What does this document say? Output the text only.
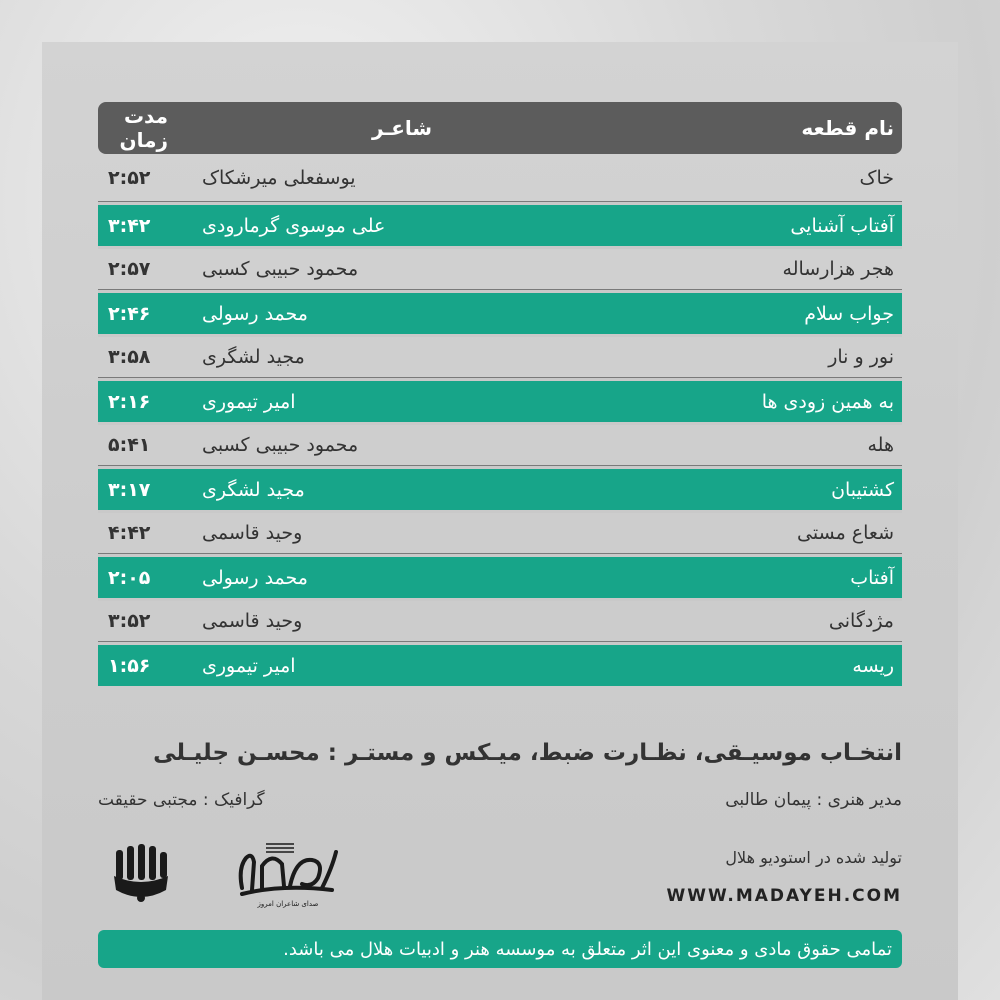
نام قطعه
شاعـر
مدت زمان
خاک
یوسفعلی میرشکاک
۲:۵۲
آفتاب آشنایی
علی موسوی گرمارودی
۳:۴۲
هجر هزارساله
محمود حبیبی کسبی
۲:۵۷
جواب سلام
محمد رسولی
۲:۴۶
نور و نار
مجید لشگری
۳:۵۸
به همین زودی ها
امیر تیموری
۲:۱۶
هله
محمود حبیبی کسبی
۵:۴۱
کشتیبان
مجید لشگری
۳:۱۷
شعاع مستی
وحید قاسمی
۴:۴۲
آفتاب
محمد رسولی
۲:۰۵
مژدگانی
وحید قاسمی
۳:۵۲
ریسه
امیر تیموری
۱:۵۶
انتخـاب موسیـقی، نظـارت ضبط، میـکس و مستـر : محسـن جلیـلی
مدیر هنری : پیمان طالبی
گرافیک : مجتبی حقیقت
تولید شده در استودیو هلال
WWW.MADAYEH.COM
صدای شاعران امروز
تمامی حقوق مادی و معنوی این اثر متعلق به موسسه هنر و ادبیات هلال می باشد.
